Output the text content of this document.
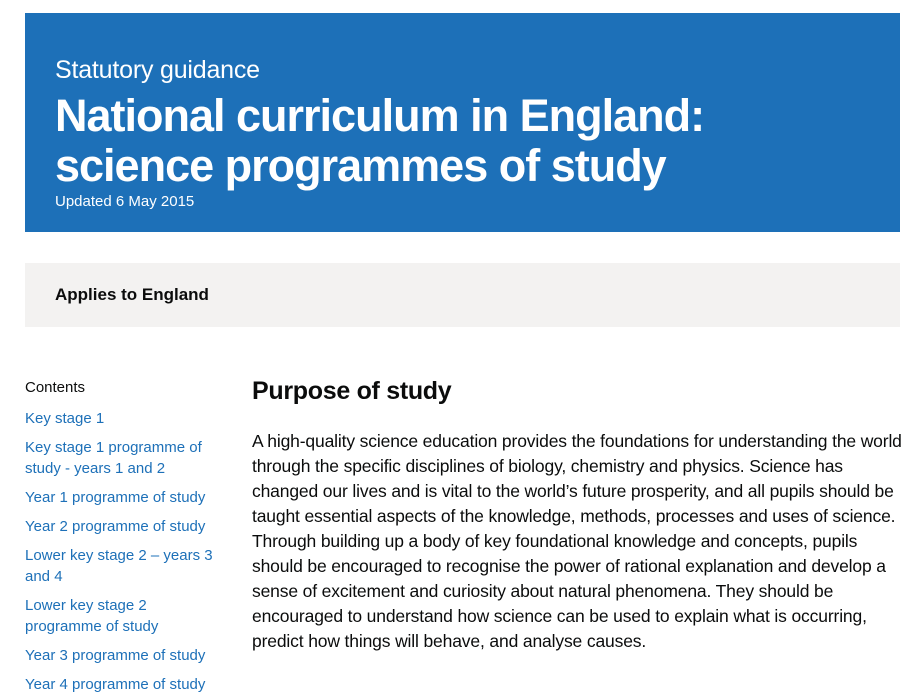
Statutory guidance
National curriculum in England: science programmes of study
Updated 6 May 2015
Applies to England
Contents
Key stage 1
Key stage 1 programme of study - years 1 and 2
Year 1 programme of study
Year 2 programme of study
Lower key stage 2 – years 3 and 4
Lower key stage 2 programme of study
Year 3 programme of study
Year 4 programme of study
Purpose of study

A high-quality science education provides the foundations for understanding the world through the specific disciplines of biology, chemistry and physics. Science has changed our lives and is vital to the world’s future prosperity, and all pupils should be taught essential aspects of the knowledge, methods, processes and uses of science. Through building up a body of key foundational knowledge and concepts, pupils should be encouraged to recognise the power of rational explanation and develop a sense of excitement and curiosity about natural phenomena. They should be encouraged to understand how science can be used to explain what is occurring, predict how things will behave, and analyse causes.
